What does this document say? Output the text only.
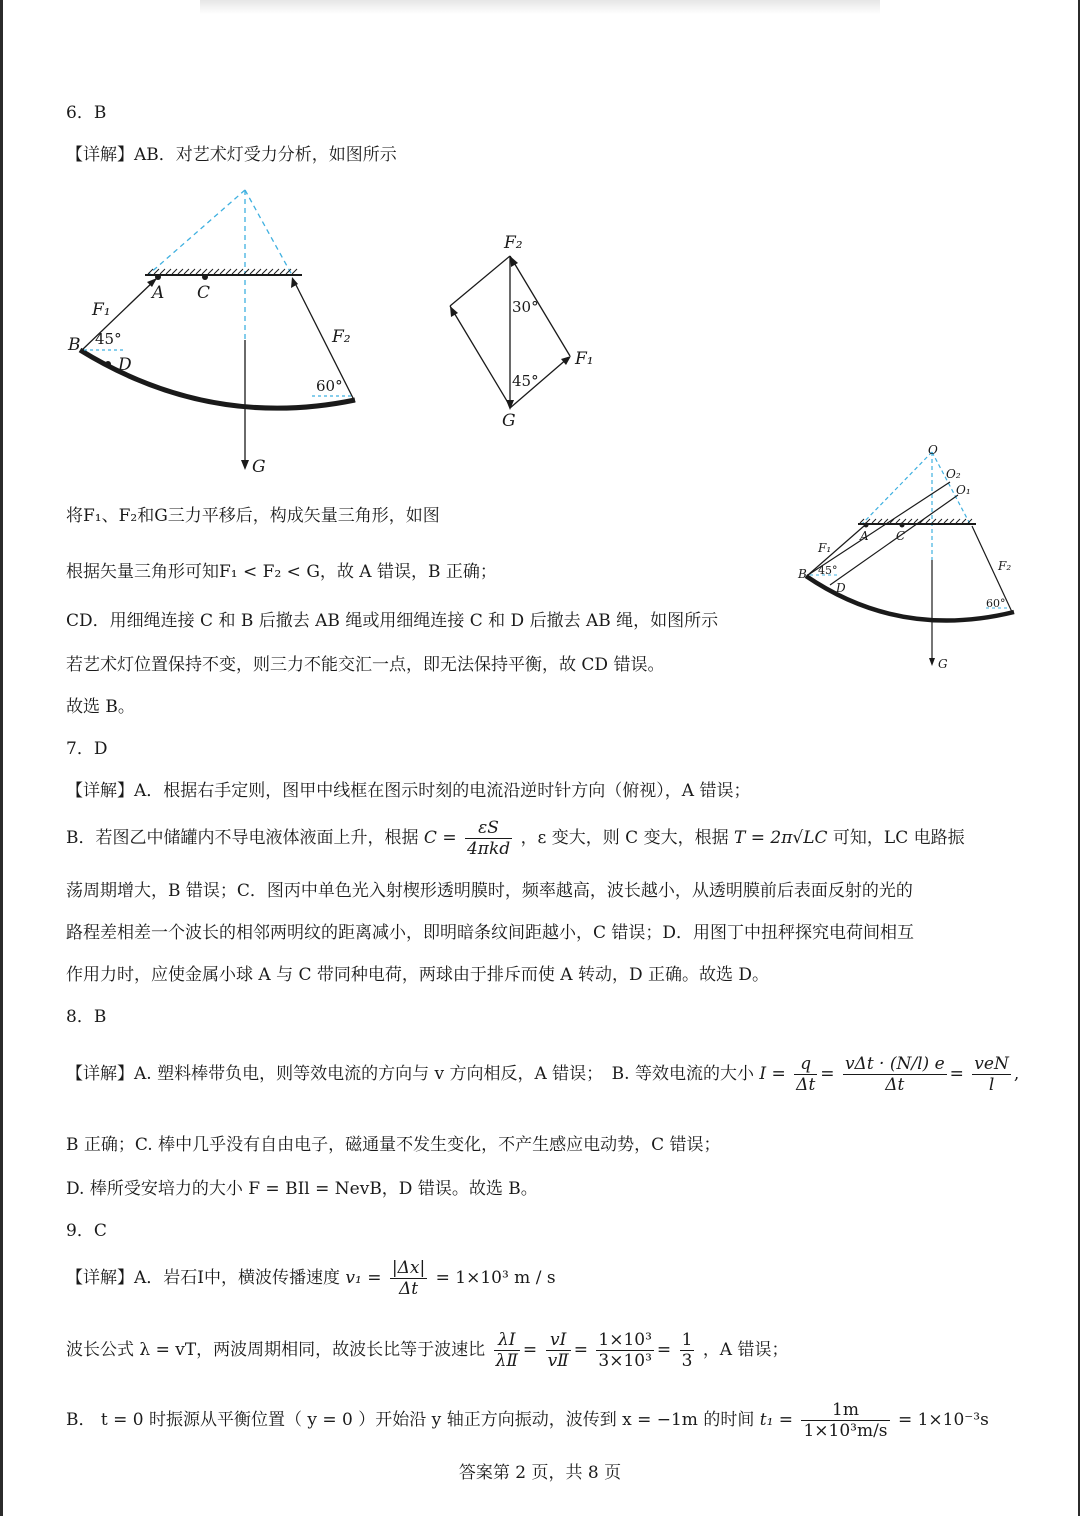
6．B
【详解】AB．对艺术灯受力分析，如图所示
A C
B
D
F₁
F₂
G
45°
60°
F₂
F₁
G
30°
45°
将F₁、F₂和G三力平移后，构成矢量三角形，如图
根据矢量三角形可知F₁ < F₂ < G，故 A 错误，B 正确；
CD．用细绳连接 C 和 B 后撤去 AB 绳或用细绳连接 C 和 D 后撤去 AB 绳，如图所示
若艺术灯位置保持不变，则三力不能交汇一点，即无法保持平衡，故 CD 错误。
故选 B。
O
O₂
O₁
A C
B
D
F₁
F₂
G
45°
60°
7．D
【详解】A．根据右手定则，图甲中线框在图示时刻的电流沿逆时针方向（俯视），A 错误；
B．若图乙中储罐内不导电液体液面上升，根据 $C = \frac{\varepsilon S}{\text{4πkd}}$ ，ε 变大，则 C 变大，根据 T = 2π√LC 可知，LC 电路振
荡周期增大，B 错误；C．图丙中单色光入射楔形透明膜时，频率越高，波长越小，从透明膜前后表面反射的光的
路程差相差一个波长的相邻两明纹的距离减小，即明暗条纹间距越小，C 错误；D．用图丁中扭秤探究电荷间相互
作用力时，应使金属小球 A 与 C 带同种电荷，两球由于排斥而使 A 转动，D 正确。故选 D。
8．B
【详解】A. 塑料棒带负电，则等效电流的方向与 v 方向相反，A 错误；　B. 等效电流的大小 $I = \frac{q}{\Delta t} = \frac{\text{vΔt · (N/l) e}}{\Delta t} = \frac{\text{veN}}{l}$ ,
B 正确；C. 棒中几乎没有自由电子，磁通量不发生变化，不产生感应电动势，C 错误；
D. 棒所受安培力的大小 F = BIl = NevB，D 错误。故选 B。
9．C
【详解】A．岩石Ⅰ中，横波传播速度 $v_1 = \frac{|\Delta x|}{\Delta t} = 1\times 10^3$ m / s
波长公式 λ = vT，两波周期相同，故波长比等于波速比 $\frac{\text{λⅠ}}{\text{λⅡ}} = \frac{\text{vⅠ}}{\text{vⅡ}} = \frac{\text{1×10³}}{\text{3×10³}} = \frac{1}{3}$ ，A 错误；
B． t = 0 时振源从平衡位置（ y = 0 ）开始沿 y 轴正方向振动，波传到 x = −1m 的时间 $t_1 = \frac{1m}{\text{1×10³m/s}} = 1\times 10^{-3}s$
答案第 2 页，共 8 页
